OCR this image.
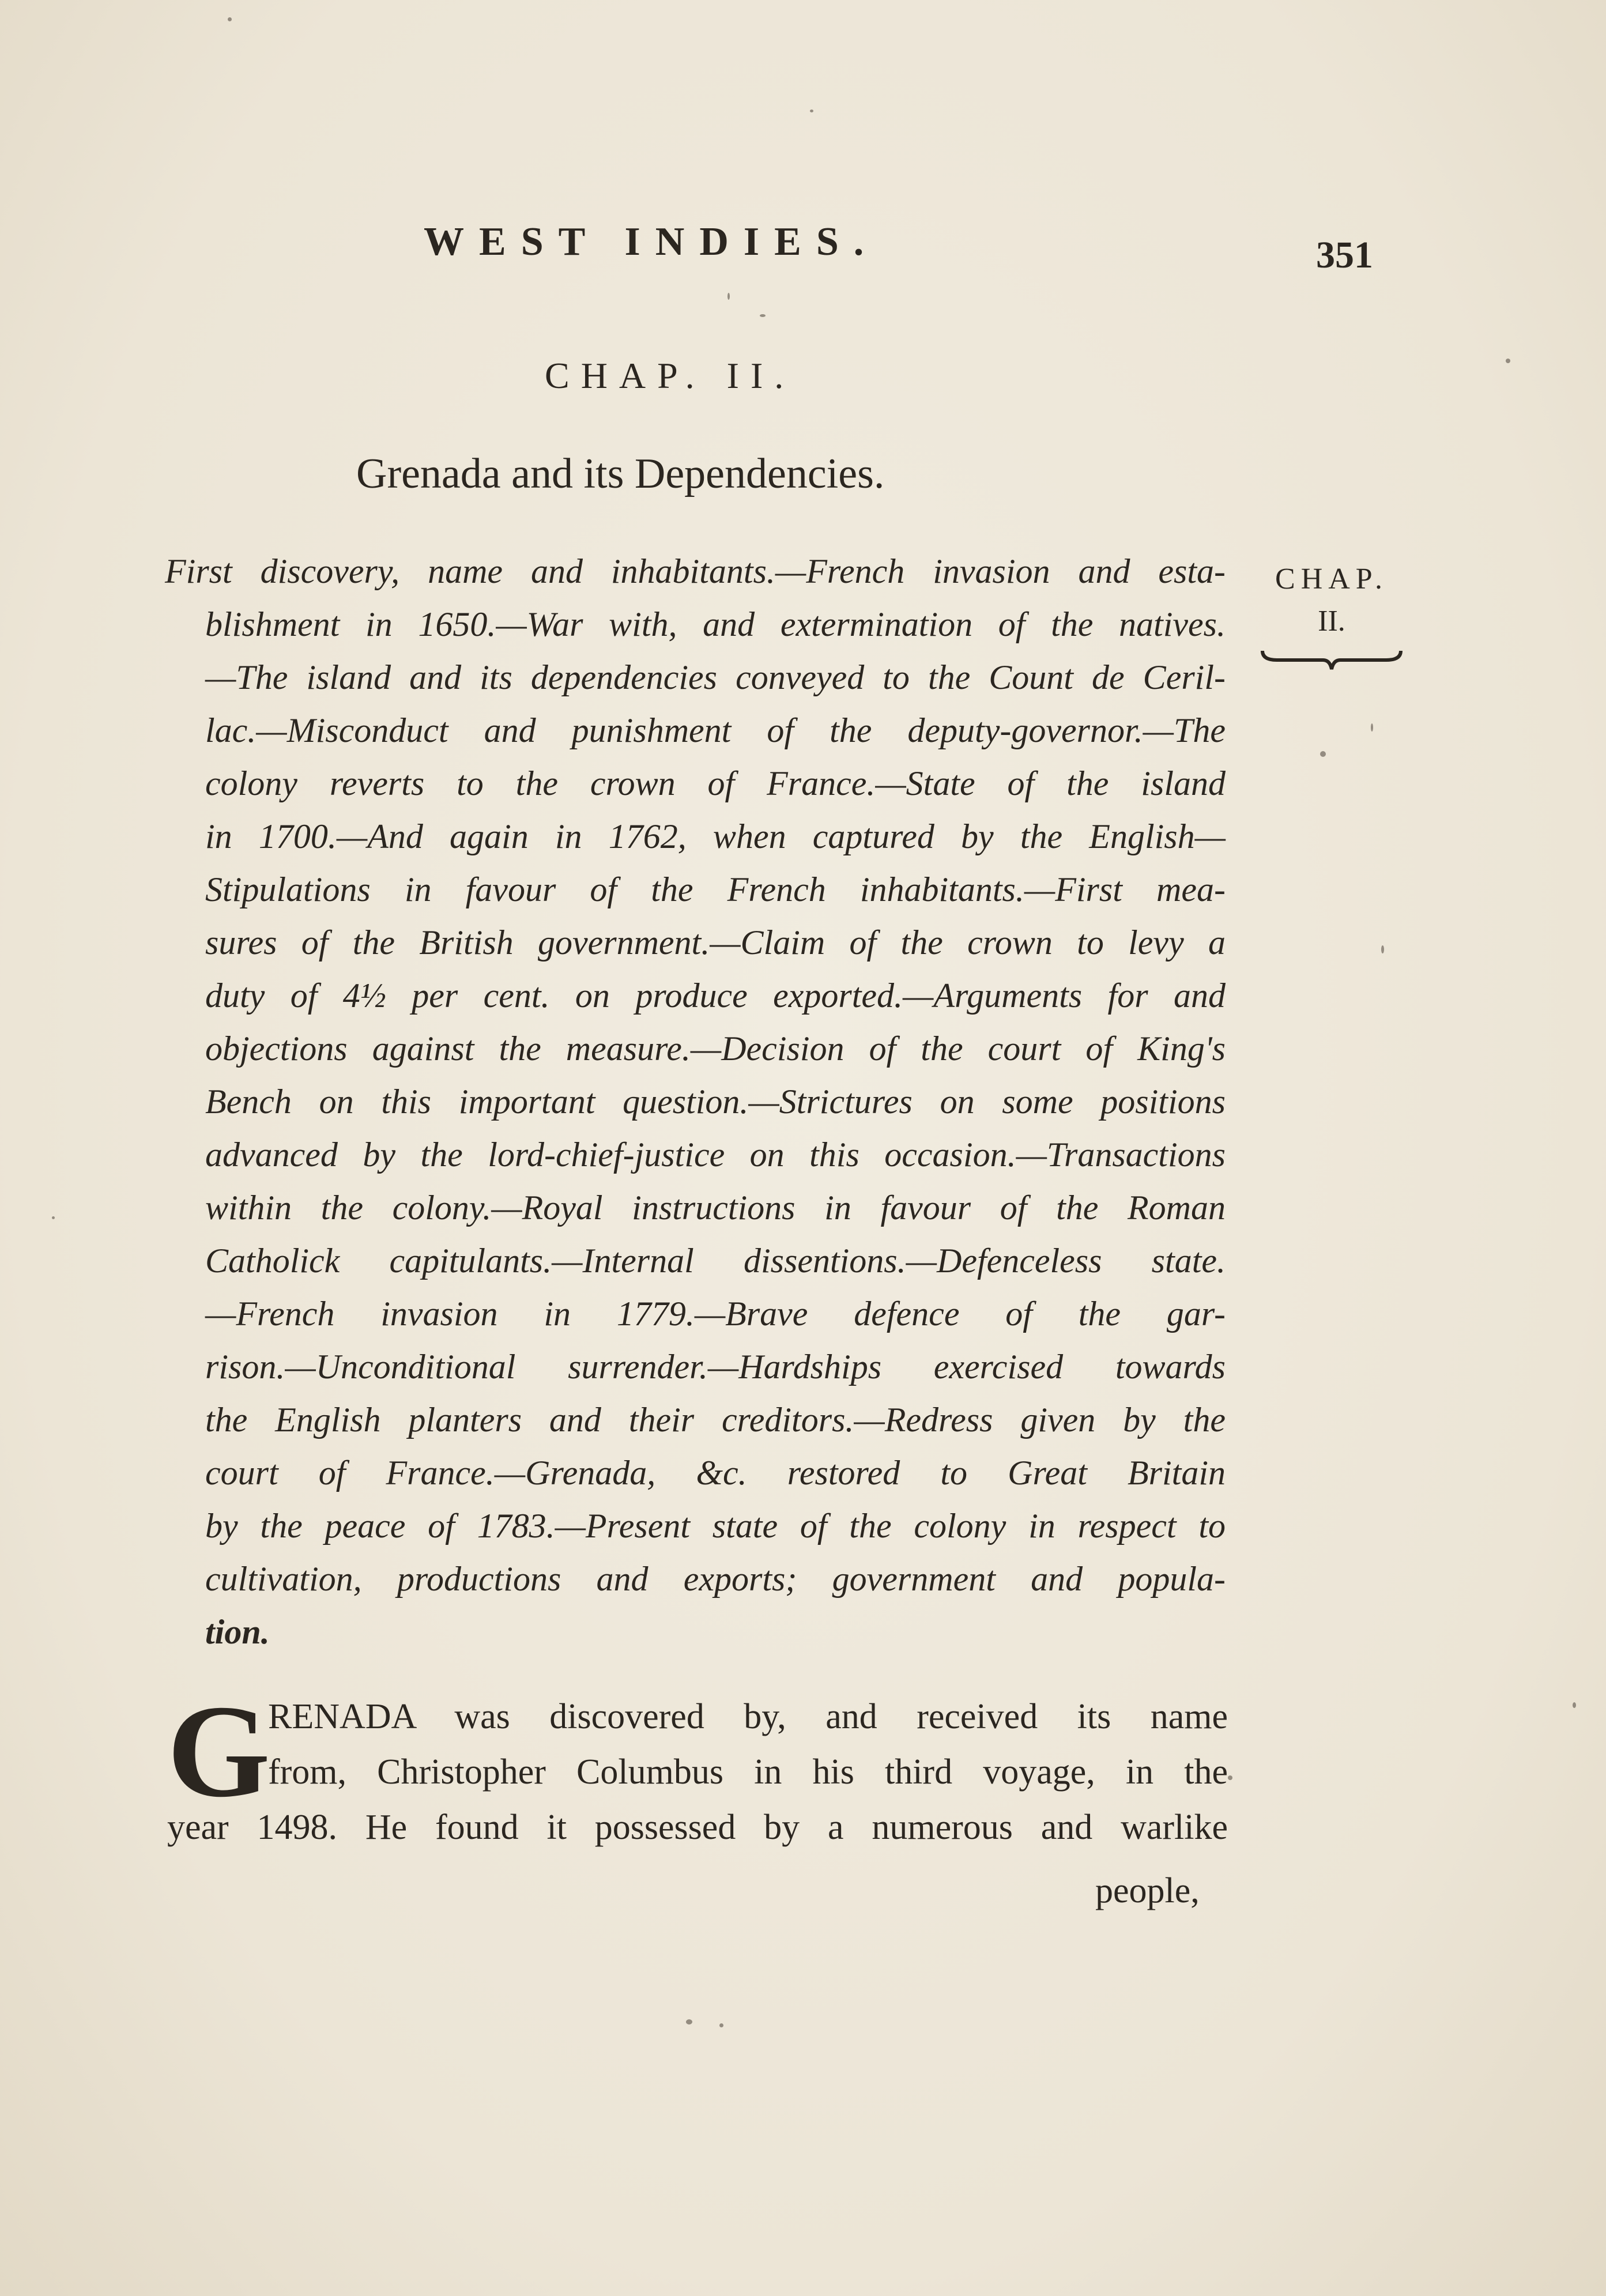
WEST INDIES.	351
CHAP. II.
Grenada and its Dependencies.
First discovery, name and inhabitants.—French invasion and esta-
blishment in 1650.—War with, and extermination of the natives.
—The island and its dependencies conveyed to the Count de Ceril-
lac.—Misconduct and punishment of the deputy-governor.—The
colony reverts to the crown of France.—State of the island
in 1700.—And again in 1762, when captured by the English—
Stipulations in favour of the French inhabitants.—First mea-
sures of the British government.—Claim of the crown to levy a
duty of 4½ per cent. on produce exported.—Arguments for and
objections against the measure.—Decision of the court of King's
Bench on this important question.—Strictures on some positions
advanced by the lord-chief-justice on this occasion.—Transactions
within the colony.—Royal instructions in favour of the Roman
Catholick capitulants.—Internal dissentions.—Defenceless state.
—French invasion in 1779.—Brave defence of the gar-
rison.—Unconditional surrender.—Hardships exercised towards
the English planters and their creditors.—Redress given by the
court of France.—Grenada, &c. restored to Great Britain
by the peace of 1783.—Present state of the colony in respect to
cultivation, productions and exports; government and popula-
tion.
CHAP.
II.
G
RENADA was discovered by, and received its name
from, Christopher Columbus in his third voyage, in the
year 1498. He found it possessed by a numerous and warlike
people,
